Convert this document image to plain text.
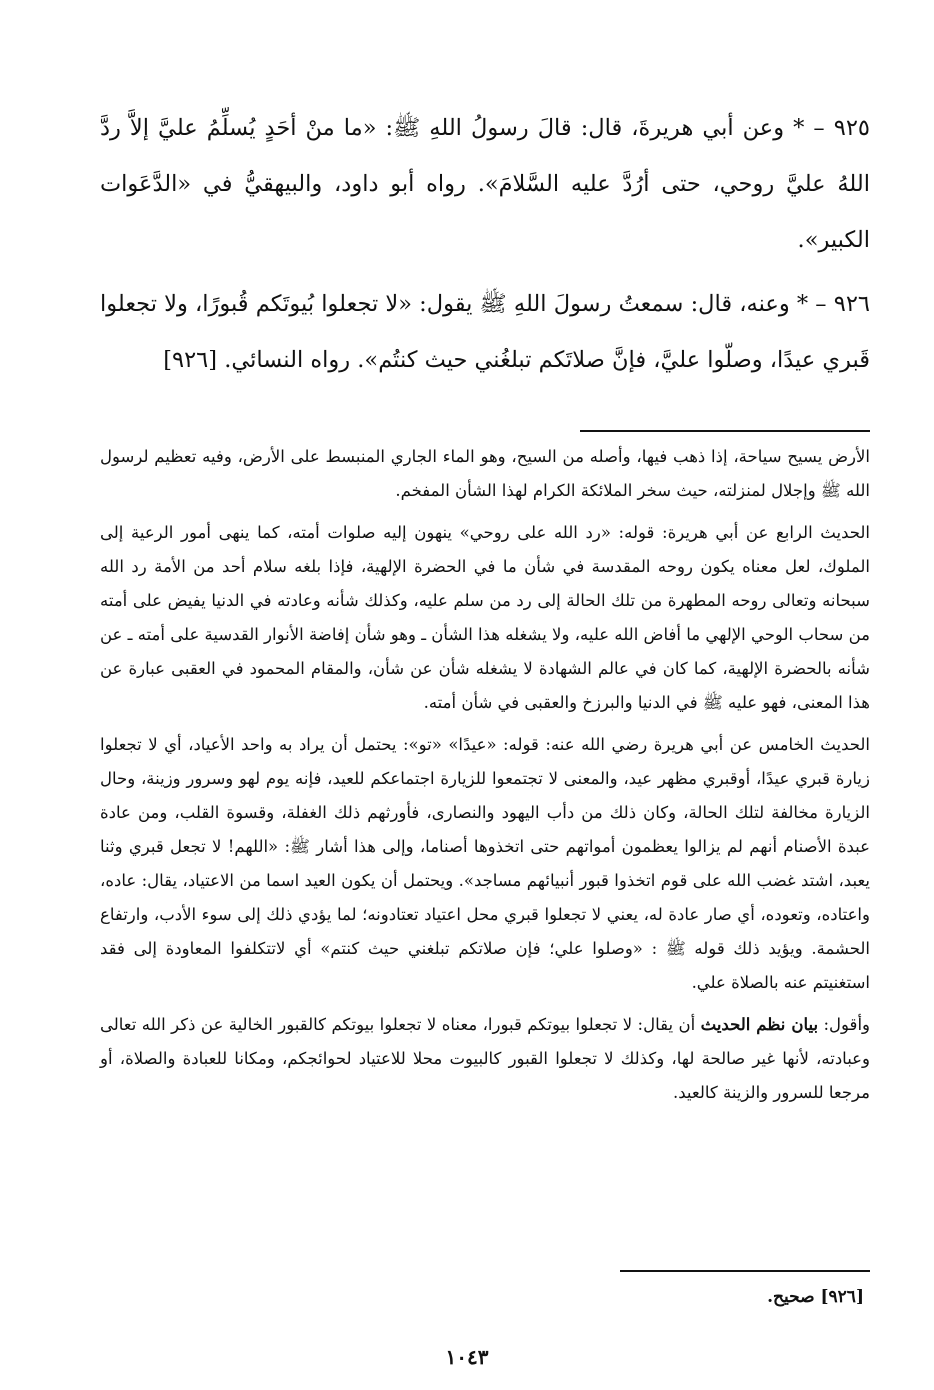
٩٢٥ – * وعن أبي هريرةَ، قال: قالَ رسولُ اللهِ ﷺ: «ما منْ أحَدٍ يُسلِّمُ عليَّ إلاَّ ردَّ اللهُ عليَّ روحي، حتى أرُدَّ عليه السَّلامَ». رواه أبو داود، والبيهقيُّ في «الدَّعَوات الكبير».

٩٢٦ – * وعنه، قال: سمعتُ رسولَ اللهِ ﷺ يقول: «لا تجعلوا بُيوتَكم قُبورًا، ولا تجعلوا قَبري عيدًا، وصلّوا عليَّ، فإنَّ صلاتَكم تبلغُني حيث كنتُم». رواه النسائي. [٩٢٦]

الأرض يسيح سياحة، إذا ذهب فيها، وأصله من السيح، وهو الماء الجاري المنبسط على الأرض، وفيه تعظيم لرسول الله ﷺ وإجلال لمنزلته، حيث سخر الملائكة الكرام لهذا الشأن المفخم.

الحديث الرابع عن أبي هريرة: قوله: «رد الله على روحي» ينهون إليه صلوات أمته، كما ينهى أمور الرعية إلى الملوك، لعل معناه يكون روحه المقدسة في شأن ما في الحضرة الإلهية، فإذا بلغه سلام أحد من الأمة رد الله سبحانه وتعالى روحه المطهرة من تلك الحالة إلى رد من سلم عليه، وكذلك شأنه وعادته في الدنيا يفيض على أمته من سحاب الوحي الإلهي ما أفاض الله عليه، ولا يشغله هذا الشأن ـ وهو شأن إفاضة الأنوار القدسية على أمته ـ عن شأنه بالحضرة الإلهية، كما كان في عالم الشهادة لا يشغله شأن عن شأن، والمقام المحمود في العقبى عبارة عن هذا المعنى، فهو عليه ﷺ في الدنيا والبرزخ والعقبى في شأن أمته.

الحديث الخامس عن أبي هريرة رضي الله عنه: قوله: «عيدًا» «تو»: يحتمل أن يراد به واحد الأعياد، أي لا تجعلوا زيارة قبري عيدًا، أوقبري مظهر عيد، والمعنى لا تجتمعوا للزيارة اجتماعكم للعيد، فإنه يوم لهو وسرور وزينة، وحال الزيارة مخالفة لتلك الحالة، وكان ذلك من دأب اليهود والنصارى، فأورثهم ذلك الغفلة، وقسوة القلب، ومن عادة عبدة الأصنام أنهم لم يزالوا يعظمون أمواتهم حتى اتخذوها أصناما، وإلى هذا أشار ﷺ: «اللهم! لا تجعل قبري وثنا يعبد، اشتد غضب الله على قوم اتخذوا قبور أنبيائهم مساجد». ويحتمل أن يكون العيد اسما من الاعتياد، يقال: عاده، واعتاده، وتعوده، أي صار عادة له، يعني لا تجعلوا قبري محل اعتياد تعتادونه؛ لما يؤدي ذلك إلى سوء الأدب، وارتفاع الحشمة. ويؤيد ذلك قوله ﷺ : «وصلوا علي؛ فإن صلاتكم تبلغني حيث كنتم» أي لاتتكلفوا المعاودة إلى فقد استغنيتم عنه بالصلاة علي.

وأقول: بيان نظم الحديث أن يقال: لا تجعلوا بيوتكم قبورا، معناه لا تجعلوا بيوتكم كالقبور الخالية عن ذكر الله تعالى وعبادته، لأنها غير صالحة لها، وكذلك لا تجعلوا القبور كالبيوت محلا للاعتياد لحوائجكم، ومكانا للعبادة والصلاة، أو مرجعا للسرور والزينة كالعيد.

[٩٢٦] صحيح.
١٠٤٣
